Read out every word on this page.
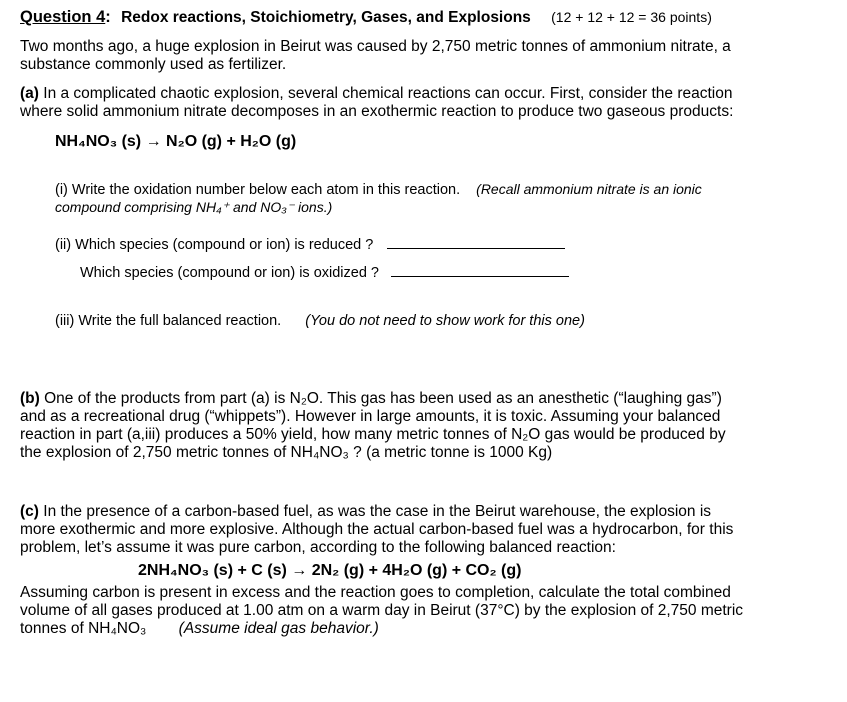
Question 4: Redox reactions, Stoichiometry, Gases, and Explosions (12 + 12 + 12 = 36 points)
Two months ago, a huge explosion in Beirut was caused by 2,750 metric tonnes of ammonium nitrate, a
substance commonly used as fertilizer.
(a) In a complicated chaotic explosion, several chemical reactions can occur. First, consider the reaction
where solid ammonium nitrate decomposes in an exothermic reaction to produce two gaseous products:
NH₄NO₃ (s) → N₂O (g) + H₂O (g)
(i) Write the oxidation number below each atom in this reaction. (Recall ammonium nitrate is an ionic
compound comprising NH₄⁺ and NO₃⁻ ions.)
(ii) Which species (compound or ion) is reduced ?
Which species (compound or ion) is oxidized ?
(iii) Write the full balanced reaction. (You do not need to show work for this one)
(b) One of the products from part (a) is N₂O. This gas has been used as an anesthetic (“laughing gas”)
and as a recreational drug (“whippets”). However in large amounts, it is toxic. Assuming your balanced
reaction in part (a,iii) produces a 50% yield, how many metric tonnes of N₂O gas would be produced by
the explosion of 2,750 metric tonnes of NH₄NO₃ ? (a metric tonne is 1000 Kg)
(c) In the presence of a carbon-based fuel, as was the case in the Beirut warehouse, the explosion is
more exothermic and more explosive. Although the actual carbon-based fuel was a hydrocarbon, for this
problem, let’s assume it was pure carbon, according to the following balanced reaction:
2NH₄NO₃ (s) + C (s) → 2N₂ (g) + 4H₂O (g) + CO₂ (g)
Assuming carbon is present in excess and the reaction goes to completion, calculate the total combined
volume of all gases produced at 1.00 atm on a warm day in Beirut (37°C) by the explosion of 2,750 metric
tonnes of NH₄NO₃ (Assume ideal gas behavior.)
